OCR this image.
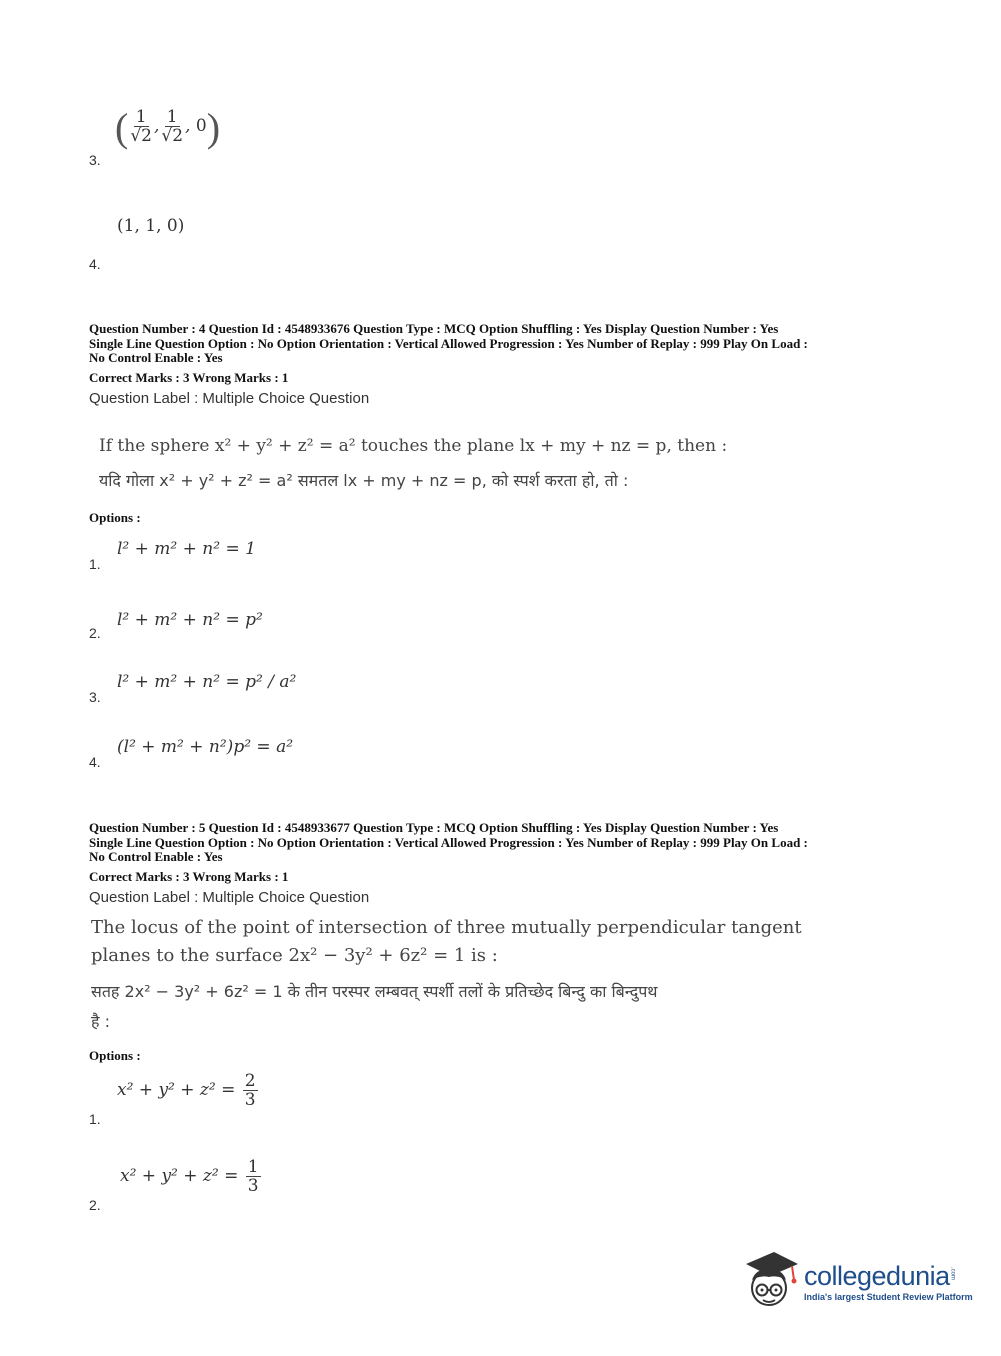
( $\frac{1}{√2}$ , $\frac{1}{√2}$ , 0)
3.
(1, 1, 0)
4.
Question Number : 4 Question Id : 4548933676 Question Type : MCQ Option Shuffling : Yes Display Question Number : Yes
Single Line Question Option : No Option Orientation : Vertical Allowed Progression : Yes Number of Replay : 999 Play On Load :
No Control Enable : Yes
Correct Marks : 3 Wrong Marks : 1
Question Label : Multiple Choice Question
If the sphere x² + y² + z² = a² touches the plane lx + my + nz = p, then :
यदि गोला x² + y² + z² = a² समतल lx + my + nz = p, को स्पर्श करता हो, तो :
Options :
l² + m² + n² = 1
1.
l² + m² + n² = p²
2.
l² + m² + n² = p² / a²
3.
(l² + m² + n²)p² = a²
4.
Question Number : 5 Question Id : 4548933677 Question Type : MCQ Option Shuffling : Yes Display Question Number : Yes
Single Line Question Option : No Option Orientation : Vertical Allowed Progression : Yes Number of Replay : 999 Play On Load :
No Control Enable : Yes
Correct Marks : 3 Wrong Marks : 1
Question Label : Multiple Choice Question
The locus of the point of intersection of three mutually perpendicular tangent
planes to the surface 2x² − 3y² + 6z² = 1 is :
सतह 2x² − 3y² + 6z² = 1 के तीन परस्पर लम्बवत् स्पर्शी तलों के प्रतिच्छेद बिन्दु का बिन्दुपथ
है :
Options :
$x^2 + y^2 + z^2 = \frac{2}{3}$
1.
$x^2 + y^2 + z^2 = \frac{1}{3}$
2.
collegedunia .com
India's largest Student Review Platform
